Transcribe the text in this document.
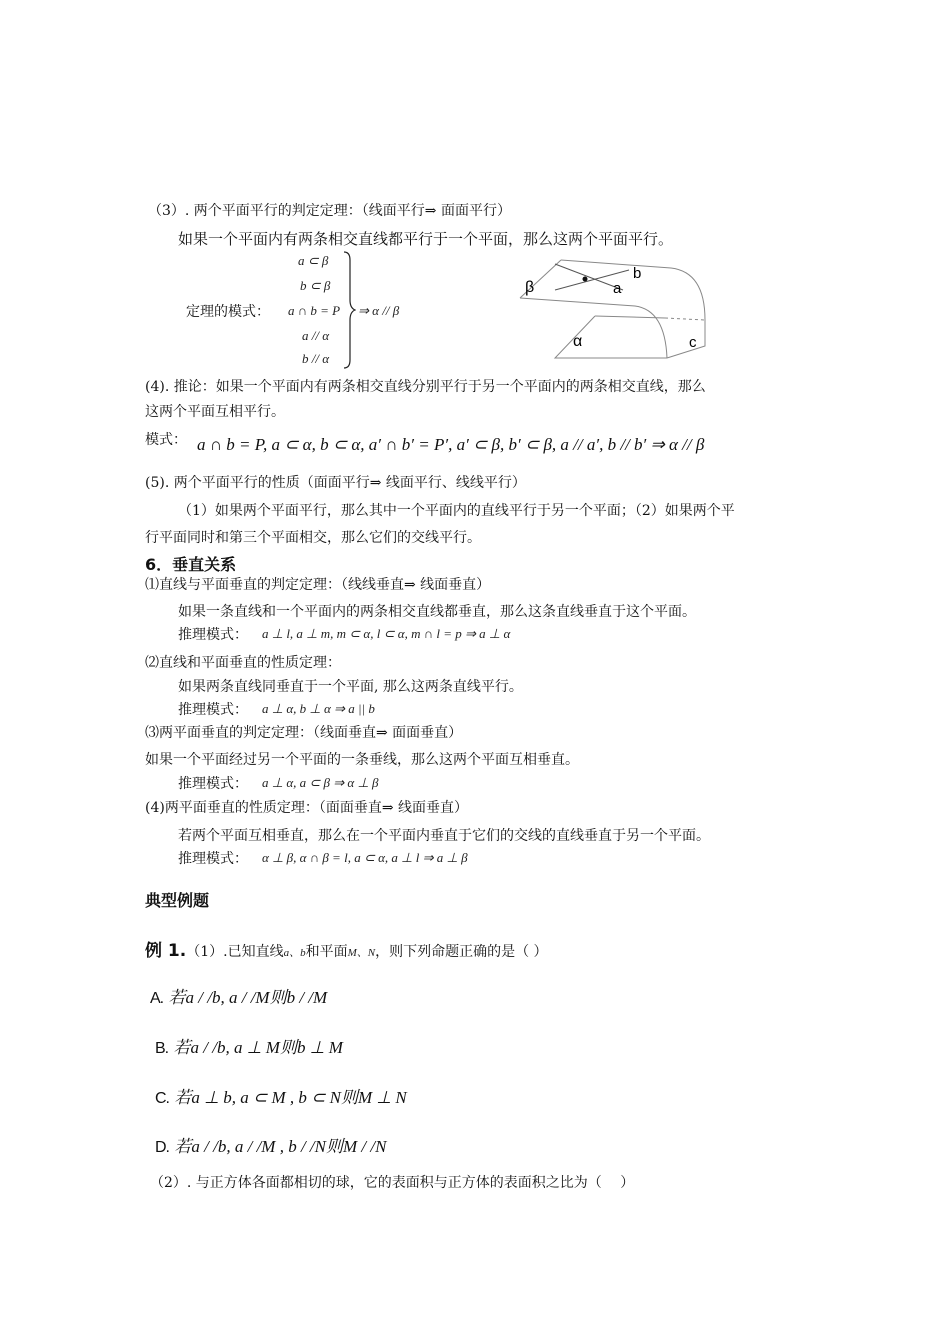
（3）. 两个平面平行的判定定理：（线面平行⇒ 面面平行）
如果一个平面内有两条相交直线都平行于一个平面，那么这两个平面平行。
定理的模式：
a ⊂ β
b ⊂ β
a ∩ b = P
a // α
b // α
⇒ α // β
β
b
a
α	c
(4). 推论：如果一个平面内有两条相交直线分别平行于另一个平面内的两条相交直线，那么
这两个平面互相平行。
模式： a ∩ b = P, a ⊂ α, b ⊂ α, a′ ∩ b′ = P′, a′ ⊂ β, b′ ⊂ β, a // a′, b // b′ ⇒ α // β
(5). 两个平面平行的性质（面面平行⇒ 线面平行、线线平行）
（1）如果两个平面平行，那么其中一个平面内的直线平行于另一个平面；（2）如果两个平
行平面同时和第三个平面相交，那么它们的交线平行。
6．垂直关系
⑴直线与平面垂直的判定定理：（线线垂直⇒ 线面垂直）
如果一条直线和一个平面内的两条相交直线都垂直，那么这条直线垂直于这个平面。
推理模式： a ⊥ l, a ⊥ m, m ⊂ α, l ⊂ α, m ∩ l = p ⇒ a ⊥ α
⑵直线和平面垂直的性质定理：
如果两条直线同垂直于一个平面, 那么这两条直线平行。
推理模式： a ⊥ α, b ⊥ α ⇒ a || b
⑶两平面垂直的判定定理：（线面垂直⇒ 面面垂直）
如果一个平面经过另一个平面的一条垂线，那么这两个平面互相垂直。
推理模式： a ⊥ α, a ⊂ β ⇒ α ⊥ β
(4)两平面垂直的性质定理：（面面垂直⇒ 线面垂直）
若两个平面互相垂直，那么在一个平面内垂直于它们的交线的直线垂直于另一个平面。
推理模式： α ⊥ β, α ∩ β = l, a ⊂ α, a ⊥ l ⇒ a ⊥ β
典型例题
例 1.（1）.已知直线a、b和平面M、N，则下列命题正确的是（ ）
A. 若a / /b, a / /M则b / /M
B. 若a / /b, a ⊥ M则b ⊥ M
C. 若a ⊥ b, a ⊂ M , b ⊂ N则M ⊥ N
D. 若a / /b, a / /M , b / /N则M / /N
（2）. 与正方体各面都相切的球，它的表面积与正方体的表面积之比为（　 ）
